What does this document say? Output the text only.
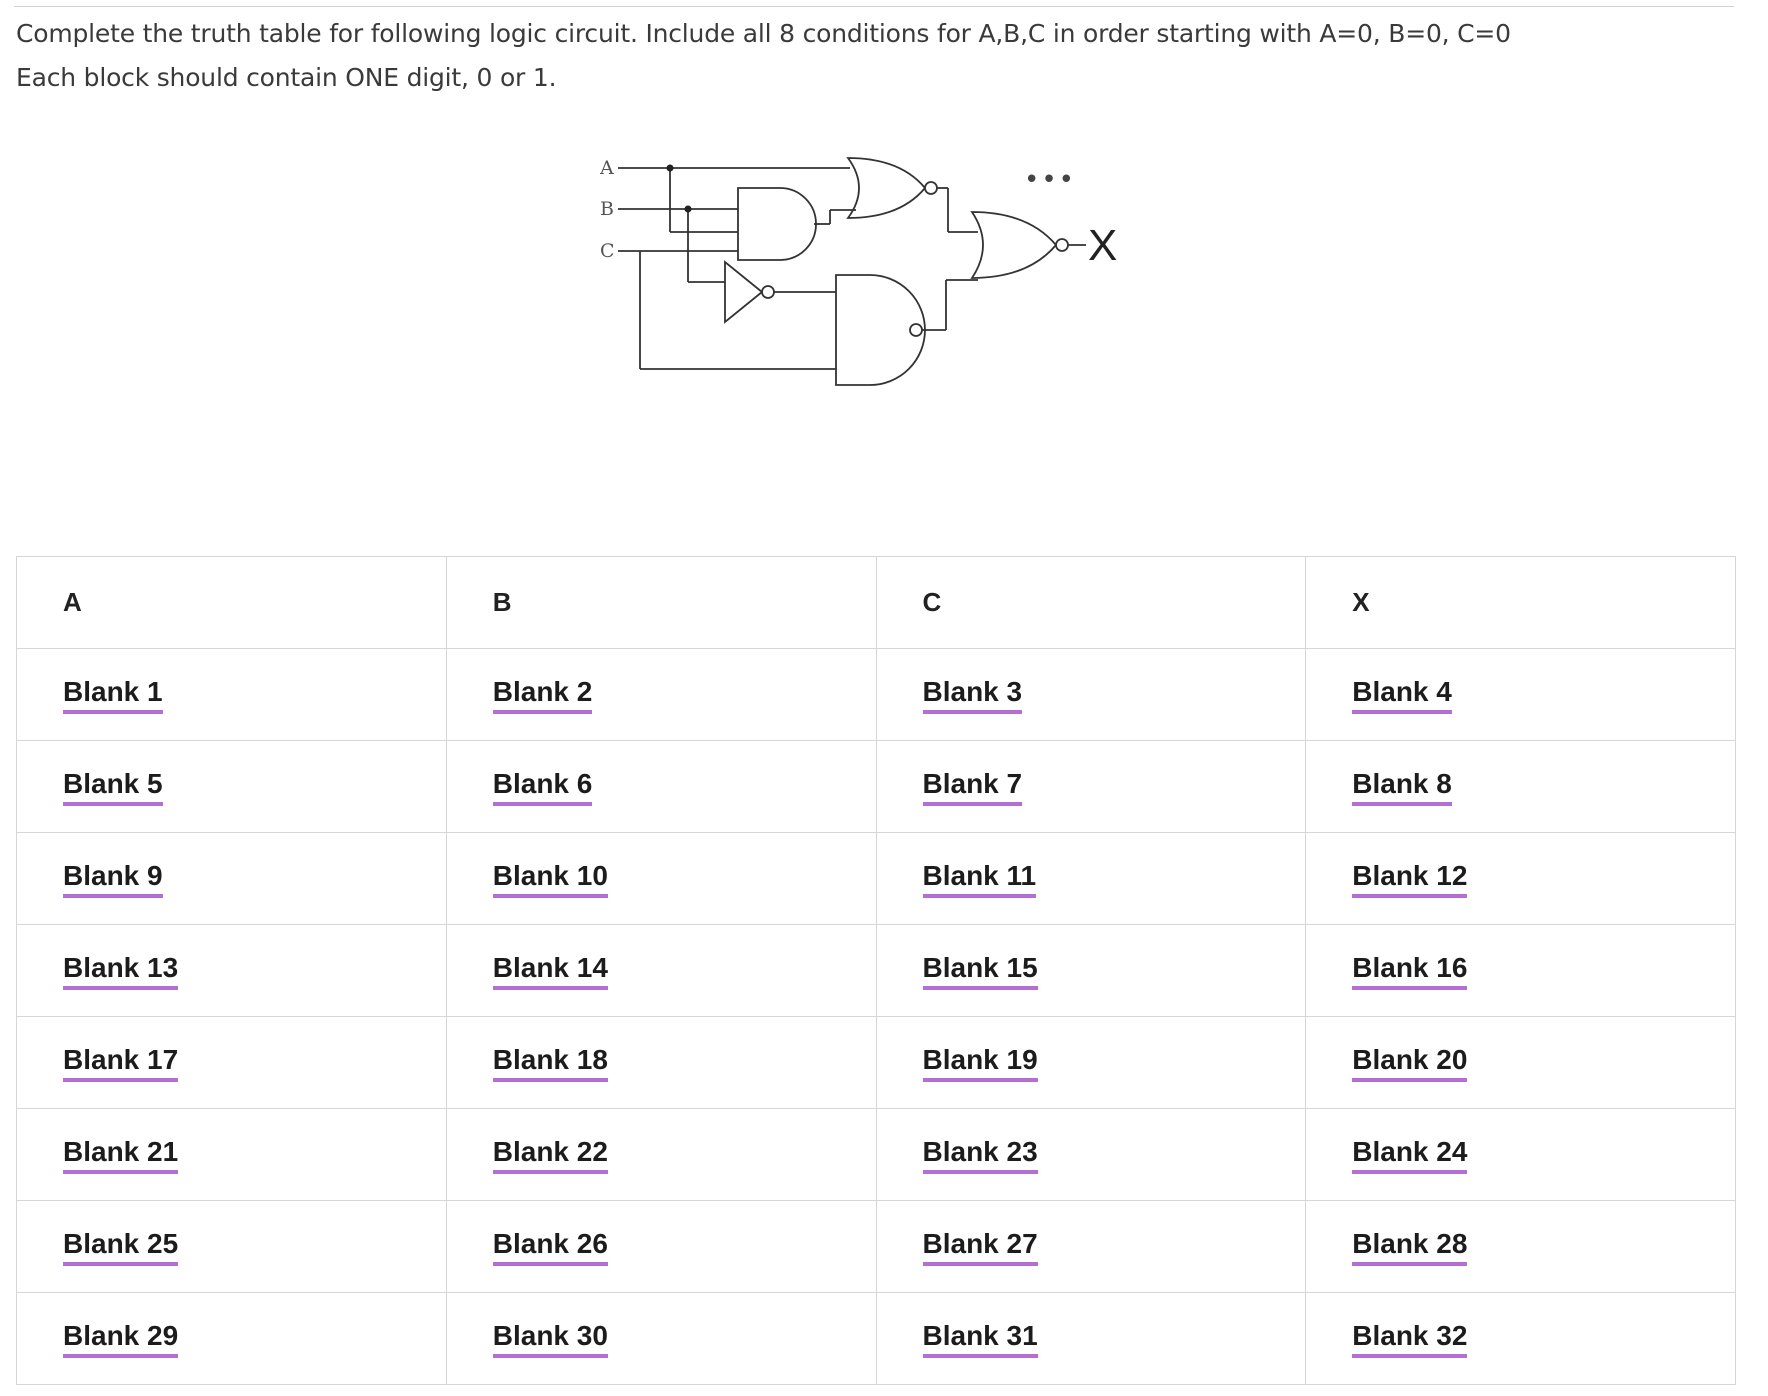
Complete the truth table for following logic circuit. Include all 8 conditions for A,B,C in order starting with A=0, B=0, C=0

Each block should contain ONE digit, 0 or 1.

A
B
C	X
•••
A	B	C	X
Blank 1	Blank 2	Blank 3	Blank 4
Blank 5	Blank 6	Blank 7	Blank 8
Blank 9	Blank 10	Blank 11	Blank 12
Blank 13	Blank 14	Blank 15	Blank 16
Blank 17	Blank 18	Blank 19	Blank 20
Blank 21	Blank 22	Blank 23	Blank 24
Blank 25	Blank 26	Blank 27	Blank 28
Blank 29	Blank 30	Blank 31	Blank 32
